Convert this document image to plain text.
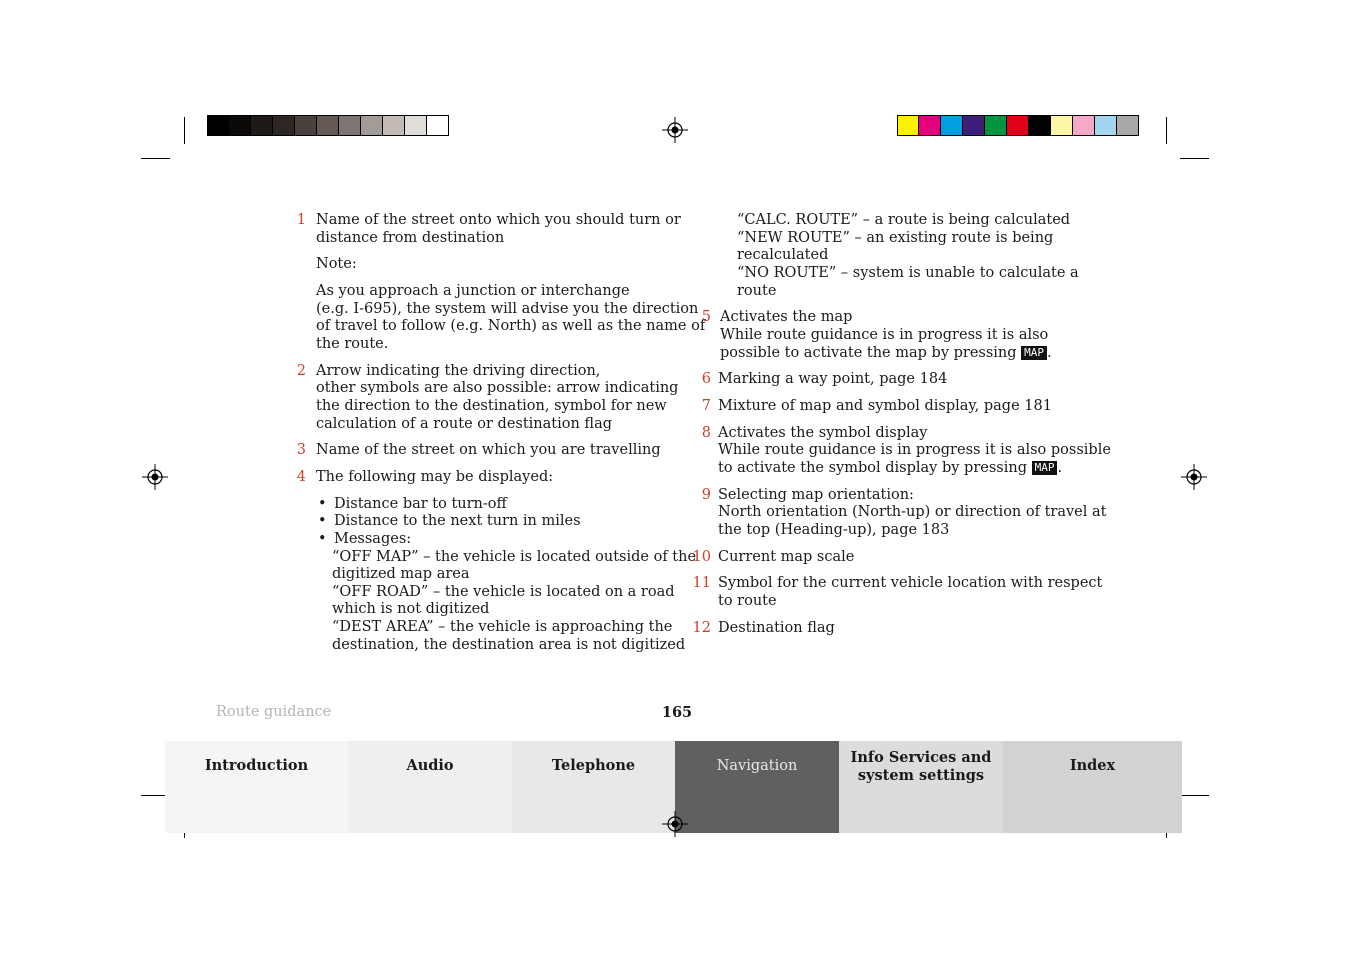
1 Name of the street onto which you should turn or
distance from destination
Note:
As you approach a junction or interchange
(e.g. I-695), the system will advise you the direction
of travel to follow (e.g. North) as well as the name of
the route.
2 Arrow indicating the driving direction,
other symbols are also possible: arrow indicating
the direction to the destination, symbol for new
calculation of a route or destination flag
3 Name of the street on which you are travelling
4 The following may be displayed:
• Distance bar to turn-off
• Distance to the next turn in miles
• Messages:
“OFF MAP” – the vehicle is located outside of the
digitized map area
“OFF ROAD” – the vehicle is located on a road
which is not digitized
“DEST AREA” – the vehicle is approaching the
destination, the destination area is not digitized
“CALC. ROUTE” – a route is being calculated
“NEW ROUTE” – an existing route is being
recalculated
“NO ROUTE” – system is unable to calculate a
route
5 Activates the map
While route guidance is in progress it is also
possible to activate the map by pressing MAP .
6 Marking a way point, page 184
7 Mixture of map and symbol display, page 181
8 Activates the symbol display
While route guidance is in progress it is also possible
to activate the symbol display by pressing MAP .
9 Selecting map orientation:
North orientation (North-up) or direction of travel at
the top (Heading-up), page 183
10 Current map scale
11 Symbol for the current vehicle location with respect
to route
12 Destination flag
Route guidance	165
Introduction	Audio	Telephone	Navigation	Info Services and
system settings
Index
